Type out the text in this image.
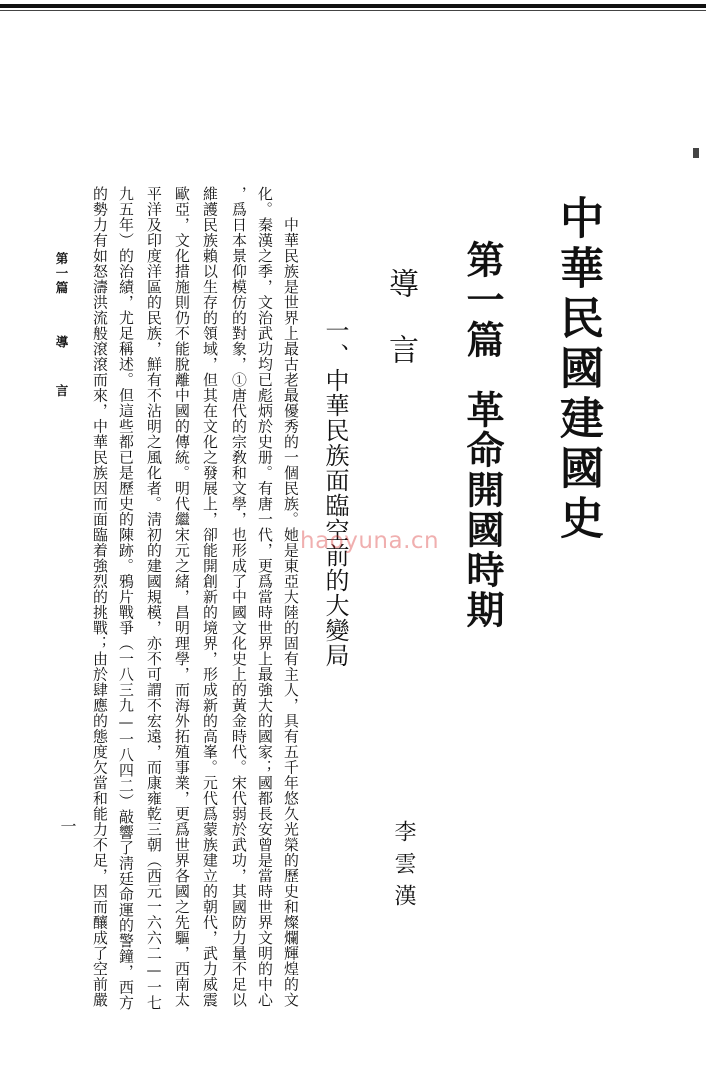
中華民國建國史
第一篇革命開國時期
導言
一、中華民族面臨空前的大變局
李雲漢
　　中華民族是世界上最古老最優秀的一個民族。她是東亞大陸的固有主人，具有五千年悠久光榮的歷史和燦爛輝煌的文
化。秦漢之季，文治武功均已彪炳於史册。有唐一代，更爲當時世界上最強大的國家；國都長安曾是當時世界文明的中心
，爲日本景仰模仿的對象，①唐代的宗敎和文學，也形成了中國文化史上的黃金時代。宋代弱於武功，其國防力量不足以
維護民族賴以生存的領域，但其在文化之發展上，卻能開創新的境界，形成新的高峯。元代爲蒙族建立的朝代，武力威震
歐亞，文化措施則仍不能脫離中國的傳統。明代繼宋元之緒，昌明理學，而海外拓殖事業，更爲世界各國之先驅，西南太
平洋及印度洋區的民族，鮮有不沾明之風化者。淸初的建國規模，亦不可謂不宏遠，而康雍乾三朝（西元一六六二—一七
九五年）的治績，尤足稱述。但這些都已是歷史的陳跡。鴉片戰爭（一八三九—一八四二）敲響了淸廷命運的警鐘，西方
的勢力有如怒濤洪流般滾滾而來，中華民族因而面臨着強烈的挑戰；由於肆應的態度欠當和能力不足，因而釀成了空前嚴
第一篇導言
一
haoyuna.cn
